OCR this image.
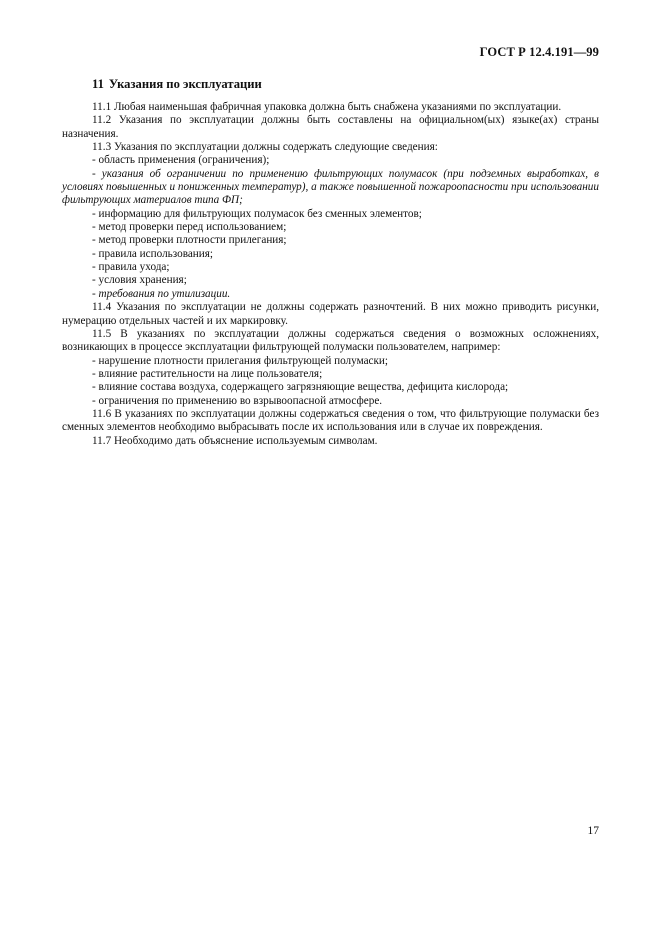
ГОСТ Р 12.4.191—99
11 Указания по эксплуатации

11.1 Любая наименьшая фабричная упаковка должна быть снабжена указаниями по эксплуатации.

11.2 Указания по эксплуатации должны быть составлены на официальном(ых) языке(ах) страны назначения.

11.3 Указания по эксплуатации должны содержать следующие сведения:

- область применения (ограничения);

- указания об ограничении по применению фильтрующих полумасок (при подземных выработках, в условиях повышенных и пониженных температур), а также повышенной пожароопасности при использовании фильтрующих материалов типа ФП;

- информацию для фильтрующих полумасок без сменных элементов;

- метод проверки перед использованием;

- метод проверки плотности прилегания;

- правила использования;

- правила ухода;

- условия хранения;

- требования по утилизации.

11.4 Указания по эксплуатации не должны содержать разночтений. В них можно приводить рисунки, нумерацию отдельных частей и их маркировку.

11.5 В указаниях по эксплуатации должны содержаться сведения о возможных осложнениях, возникающих в процессе эксплуатации фильтрующей полумаски пользователем, например:

- нарушение плотности прилегания фильтрующей полумаски;

- влияние растительности на лице пользователя;

- влияние состава воздуха, содержащего загрязняющие вещества, дефицита кислорода;

- ограничения по применению во взрывоопасной атмосфере.

11.6 В указаниях по эксплуатации должны содержаться сведения о том, что фильтрующие полумаски без сменных элементов необходимо выбрасывать после их использования или в случае их повреждения.

11.7 Необходимо дать объяснение используемым символам.

17
